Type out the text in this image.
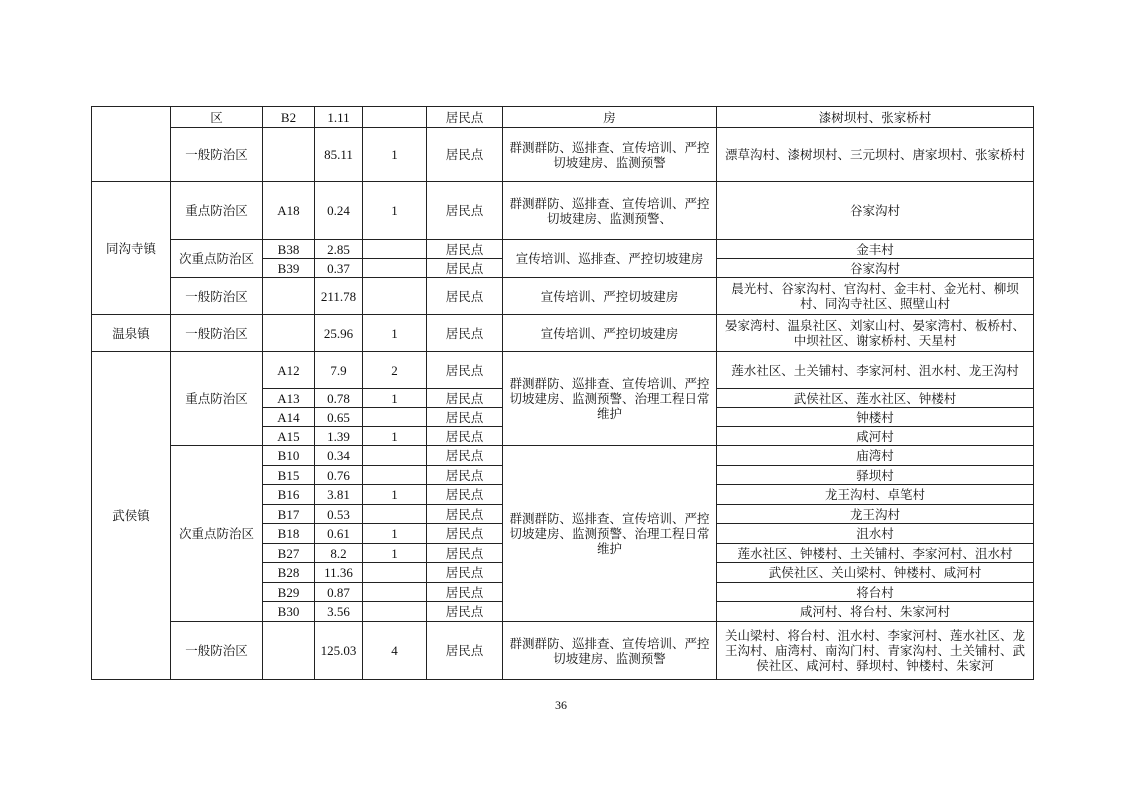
	区	B2	1.11		居民点	房	漆树坝村、张家桥村
	一般防治区		85.11	1	居民点	群测群防、巡排查、宣传培训、严控切坡建房、监测预警	漂草沟村、漆树坝村、三元坝村、唐家坝村、张家桥村
同沟寺镇	重点防治区	A18	0.24	1	居民点	群测群防、巡排查、宣传培训、严控切坡建房、监测预警、	谷家沟村
	次重点防治区	B38	2.85		居民点	宣传培训、巡排查、严控切坡建房	金丰村
		B39	0.37		居民点		谷家沟村
	一般防治区		211.78		居民点	宣传培训、严控切坡建房	晨光村、谷家沟村、官沟村、金丰村、金光村、柳坝村、同沟寺社区、照壁山村
温泉镇	一般防治区		25.96	1	居民点	宣传培训、严控切坡建房	晏家湾村、温泉社区、刘家山村、晏家湾村、板桥村、中坝社区、谢家桥村、天星村
武侯镇	重点防治区	A12	7.9	2	居民点	群测群防、巡排查、宣传培训、严控切坡建房、监测预警、治理工程日常维护	莲水社区、土关铺村、李家河村、沮水村、龙王沟村
		A13	0.78	1	居民点		武侯社区、莲水社区、钟楼村
		A14	0.65		居民点		钟楼村
		A15	1.39	1	居民点		咸河村
	次重点防治区	B10	0.34		居民点	群测群防、巡排查、宣传培训、严控切坡建房、监测预警、治理工程日常维护	庙湾村
		B15	0.76		居民点		驿坝村
		B16	3.81	1	居民点		龙王沟村、卓笔村
		B17	0.53		居民点		龙王沟村
		B18	0.61	1	居民点		沮水村
		B27	8.2	1	居民点		莲水社区、钟楼村、土关铺村、李家河村、沮水村
		B28	11.36		居民点		武侯社区、关山梁村、钟楼村、咸河村
		B29	0.87		居民点		将台村
		B30	3.56		居民点		咸河村、将台村、朱家河村
	一般防治区		125.03	4	居民点	群测群防、巡排查、宣传培训、严控切坡建房、监测预警	关山梁村、将台村、沮水村、李家河村、莲水社区、龙王沟村、庙湾村、南沟门村、青家沟村、土关铺村、武侯社区、咸河村、驿坝村、钟楼村、朱家河
36
